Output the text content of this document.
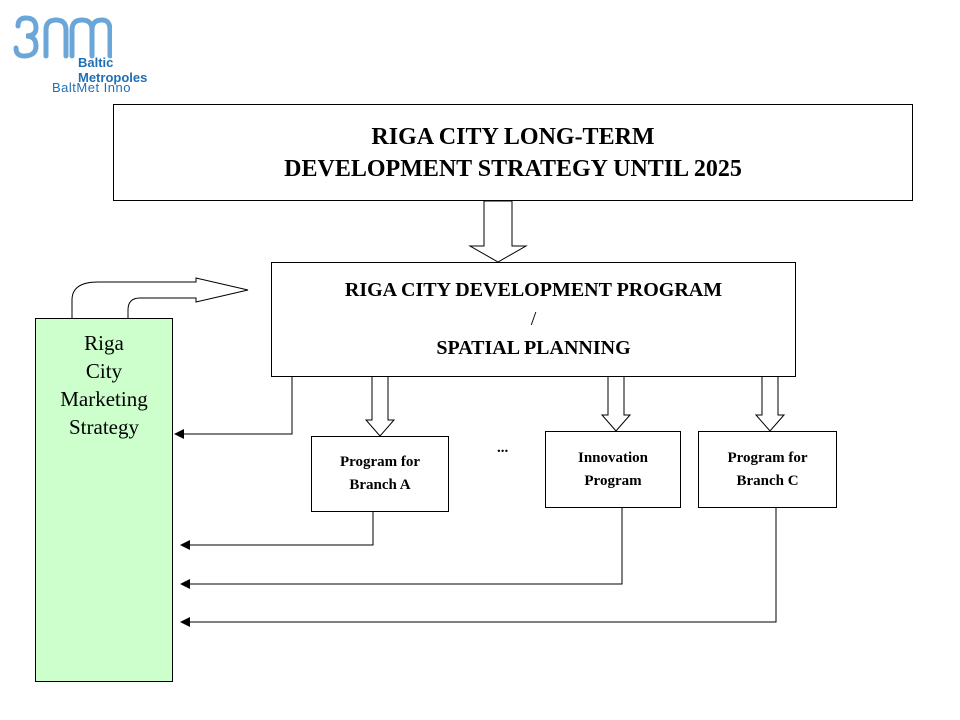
Baltic Metropoles
BaltMet Inno
RIGA CITY LONG-TERM
DEVELOPMENT STRATEGY UNTIL 2025
RIGA CITY DEVELOPMENT PROGRAM
/
SPATIAL PLANNING
Riga
City
Marketing
Strategy
Program for
Branch A
...
Innovation
Program
Program for
Branch C
